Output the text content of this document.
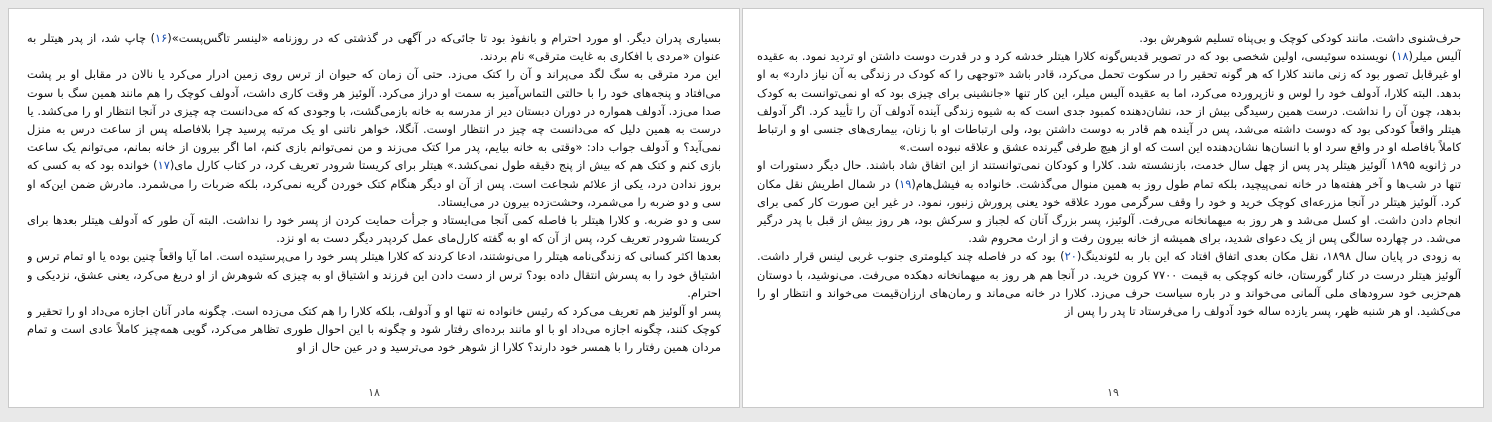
بسیاری پدران دیگر. او مورد احترام و بانفوذ بود تا جائی‌که در آگهی در گذشتی که در روزنامه «لینسر تاگس‌پست»(۱۶) چاپ شد، از پدر هیتلر به عنوان «مردی با افکاری به غایت مترقی» نام بردند.

این مرد مترقی به سگ لگد می‌پراند و آن را کتک می‌زد. حتی آن زمان که حیوان از ترس روی زمین ادرار می‌کرد یا نالان در مقابل او بر پشت می‌افتاد و پنجه‌های خود را با حالتی التماس‌آمیز به سمت او دراز می‌کرد. آلوئیز هر وقت کاری داشت، آدولف کوچک را هم مانند همین سگ با سوت صدا می‌زد. آدولف همواره در دوران دبستان دیر از مدرسه به خانه بازمی‌گشت، با وجودی که که می‌دانست چه چیزی در آنجا انتظار او را می‌کشد. یا درست به همین دلیل که می‌دانست چه چیز در انتظار اوست. آنگلا، خواهر ناتنی او یک مرتبه پرسید چرا بلافاصله پس از ساعت درس به منزل نمی‌آید؟ و آدولف جواب داد: «وقتی به خانه بیایم، پدر مرا کتک می‌زند و من نمی‌توانم بازی کنم، اما اگر بیرون از خانه بمانم، می‌توانم یک ساعت بازی کنم و کتک هم که بیش از پنج دقیقه طول نمی‌کشد.» هیتلر برای کریستا شرودر تعریف کرد، در کتاب کارل مای(۱۷) خوانده بود که به کسی که بروز ندادن درد، یکی از علائم شجاعت است. پس از آن او دیگر هنگام کتک خوردن گریه نمی‌کرد، بلکه ضربات را می‌شمرد. مادرش ضمن این‌که او سی و دو ضربه را می‌شمرد، وحشت‌زده بیرون در می‌ایستاد.

سی و دو ضربه. و کلارا هیتلر با فاصله کمی آنجا می‌ایستاد و جرأت حمایت کردن از پسر خود را نداشت. البته آن طور که آدولف هیتلر بعدها برای کریستا شرودر تعریف کرد، پس از آن که او به گفته کارل‌مای عمل کرد‌پدر دیگر دست به او نزد.

بعدها اکثر کسانی که زندگی‌نامه هیتلر را می‌نوشتند، ادعا کردند که کلارا هیتلر پسر خود را می‌پرستیده است. اما آیا واقعاً چنین بوده یا او تمام ترس و اشتیاق خود را به پسرش انتقال داده بود؟ ترس از دست دادن این فرزند و اشتیاق او به چیزی که شوهرش از او دریغ می‌کرد، یعنی عشق، نزدیکی و احترام.

پسر او آلوئیز هم تعریف می‌کرد که رئیس خانواده نه تنها او و آدولف، بلکه کلارا را هم کتک می‌زده است. چگونه مادر آنان اجازه می‌داد او را تحقیر و کوچک کنند، چگونه اجازه می‌داد او با او مانند برده‌ای رفتار شود و چگونه با این احوال طوری تظاهر می‌کرد، گویی همه‌چیز کاملاً عادی است و تمام مردان همین رفتار را با همسر خود دارند؟ کلارا از شوهر خود می‌ترسید و در عین حال از او

۱۸

حرف‌شنوی داشت. مانند کودکی کوچک و بی‌پناه تسلیم شوهرش بود.

آلیس میلر(۱۸) نویسنده سوئیسی، اولین شخصی بود که در تصویر قدیس‌گونه کلارا هیتلر خدشه کرد و در قدرت دوست داشتن او تردید نمود. به عقیده او غیرقابل تصور بود که زنی مانند کلارا که هر گونه تحقیر را در سکوت تحمل می‌کرد، قادر باشد «توجهی را که کودک در زندگی به آن نیاز دارد» به او بدهد. البته کلارا، آدولف خود را لوس و نازپرورده می‌کرد، اما به عقیده آلیس میلر، این کار تنها «جانشینی برای چیزی بود که او نمی‌توانست به کودک بدهد، چون آن را نداشت. درست همین رسیدگی بیش از حد، نشان‌دهنده کمبود جدی است که به شیوه زندگی آینده آدولف آن را تأیید کرد. اگر آدولف هیتلر واقعاً کودکی بود که دوست داشته می‌شد، پس در آینده هم قادر به دوست داشتن بود، ولی ارتباطات او با زنان، بیماری‌های جنسی او و ارتباط کاملاً بافاصله او در واقع سرد او با انسان‌ها نشان‌دهنده این است که او از هیچ طرفی گیرنده عشق و علاقه نبوده است.»

در ژانویه ۱۸۹۵ آلوئیز هیتلر پدر پس از چهل سال خدمت، بازنشسته شد. کلارا و کودکان نمی‌توانستند از این اتفاق شاد باشند. حال دیگر دستورات او تنها در شب‌ها و آخر هفته‌ها در خانه نمی‌پیچید، بلکه تمام طول روز به همین منوال می‌گذشت. خانواده به فیشل‌هام(۱۹) در شمال اطریش نقل مکان کرد. آلوئیز هیتلر در آنجا مزرعه‌ای کوچک خرید و خود را وقف سرگرمی مورد علاقه خود یعنی پرورش زنبور، نمود. در غیر این صورت کار کمی برای انجام دادن داشت. او کسل می‌شد و هر روز به میهمانخانه می‌رفت. آلوئیز، پسر بزرگ آنان که لجباز و سرکش بود، هر روز بیش از قبل با پدر درگیر می‌شد. در چهارده سالگی پس از یک دعوای شدید، برای همیشه از خانه بیرون رفت و از ارث محروم شد.

به زودی در پایان سال ۱۸۹۸، نقل مکان بعدی اتفاق افتاد که این بار به لئوندینگ(۲۰) بود که در فاصله چند کیلومتری جنوب غربی لینس قرار داشت. آلوئیز هیتلر درست در کنار گورستان، خانه کوچکی به قیمت ۷۷۰۰ کرون خرید. در آنجا هم هر روز به میهمانخانه دهکده می‌رفت. می‌نوشید، با دوستان هم‌حزبی خود سرودهای ملی آلمانی می‌خواند و در باره سیاست حرف می‌زد. کلارا در خانه می‌ماند و رمان‌های ارزان‌قیمت می‌خواند و انتظار او را می‌کشید. او هر شنبه ظهر، پسر یازده ساله خود آدولف را می‌فرستاد تا پدر را پس از

۱۹
